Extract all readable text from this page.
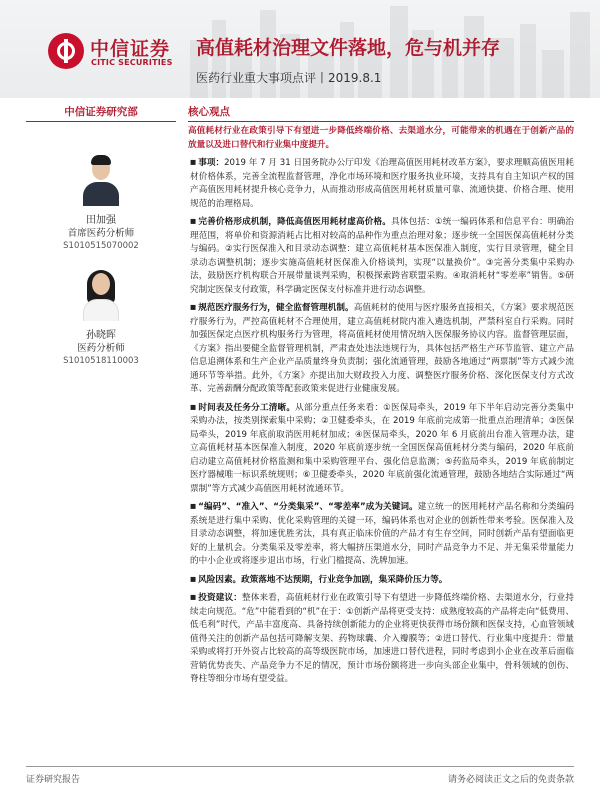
中信证券
CITIC SECURITIES
高值耗材治理文件落地，危与机并存
医药行业重大事项点评丨2019.8.1
中信证券研究部
田加强
首席医药分析师
S1010515070002
孙晓晖
医药分析师
S1010518110003
核心观点

高值耗材行业在政策引导下有望进一步降低终端价格、去渠道水分，可能带来的机遇在于创新产品的放量以及进口替代和行业集中度提升。

■ 事项：2019 年 7 月 31 日国务院办公厅印发《治理高值医用耗材改革方案》，要求理顺高值医用耗材价格体系，完善全流程监督管理，净化市场环境和医疗服务执业环境，支持具有自主知识产权的国产高值医用耗材提升核心竞争力，从而推动形成高值医用耗材质量可靠、流通快捷、价格合理、使用规范的治理格局。

■ 完善价格形成机制，降低高值医用耗材虚高价格。具体包括：①统一编码体系和信息平台：明确治理范围，将单价和资源消耗占比相对较高的品种作为重点治理对象；逐步统一全国医保高值耗材分类与编码。②实行医保准入和目录动态调整：建立高值耗材基本医保准入制度，实行目录管理，健全目录动态调整机制；逐步实施高值耗材医保准入价格谈判，实现“以量换价”。③完善分类集中采购办法，鼓励医疗机构联合开展带量谈判采购，积极探索跨省联盟采购。④取消耗材“零差率”销售。⑤研究制定医保支付政策，科学确定医保支付标准并进行动态调整。

■ 规范医疗服务行为，健全监督管理机制。高值耗材的使用与医疗服务直接相关，《方案》要求规范医疗服务行为，严控高值耗材不合理使用，建立高值耗材院内准入遴选机制，严禁科室自行采购。同时加强医保定点医疗机构服务行为管理，将高值耗材使用情况纳入医保服务协议内容。监督管理层面，《方案》指出要健全监督管理机制，严肃查处违法违规行为，具体包括严格生产环节监管、建立产品信息追溯体系和生产企业产品质量终身负责制；强化流通管理，鼓励各地通过“两票制”等方式减少流通环节等举措。此外，《方案》亦提出加大财政投入力度、调整医疗服务价格、深化医保支付方式改革、完善薪酬分配政策等配套政策来促进行业健康发展。

■ 时间表及任务分工清晰。从部分重点任务来看：①医保局牵头，2019 年下半年启动完善分类集中采购办法，按类别探索集中采购；②卫健委牵头，在 2019 年底前完成第一批重点治理清单；③医保局牵头，2019 年底前取消医用耗材加成；④医保局牵头，2020 年 6 月底前出台准入管理办法，建立高值耗材基本医保准入制度，2020 年底前逐步统一全国医保高值耗材分类与编码，2020 年底前启动建立高值耗材价格监测和集中采购管理平台、强化信息监测；⑤药监局牵头，2019 年底前制定医疗器械唯一标识系统规则；⑥卫健委牵头，2020 年底前强化流通管理，鼓励各地结合实际通过“两票制”等方式减少高值医用耗材流通环节。

■ “编码”、“准入”、“分类集采”、“零差率”成为关键词。建立统一的医用耗材产品名称和分类编码系统是进行集中采购、优化采购管理的关键一环，编码体系也对企业的创新性带来考验。医保准入及目录动态调整，将加速优胜劣汰，具有真正临床价值的产品才有生存空间，同时创新产品有望面临更好的上量机会。分类集采及零差率，将大幅挤压渠道水分，同时产品竞争力不足、并无集采带量能力的中小企业或将逐步退出市场，行业门槛提高、洗牌加速。

■ 风险因素。政策落地不达预期，行业竞争加剧，集采降价压力等。

■ 投资建议：整体来看，高值耗材行业在政策引导下有望进一步降低终端价格、去渠道水分，行业持续走向规范。“危”中能看到的“机”在于：①创新产品将更受支持：成熟度较高的产品将走向“低费用、低毛利”时代，产品丰富度高、具备持续创新能力的企业将更快获得市场份额和医保支持，心血管领域值得关注的创新产品包括可降解支架、药物球囊、介入瓣膜等；②进口替代、行业集中度提升：带量采购或将打开外资占比较高的高等级医院市场，加速进口替代进程，同时考虑到小企业在改革后面临营销优势丧失、产品竞争力不足的情况，预计市场份额将进一步向头部企业集中，骨科领域的创伤、脊柱等细分市场有望受益。

证券研究报告	请务必阅读正文之后的免责条款
